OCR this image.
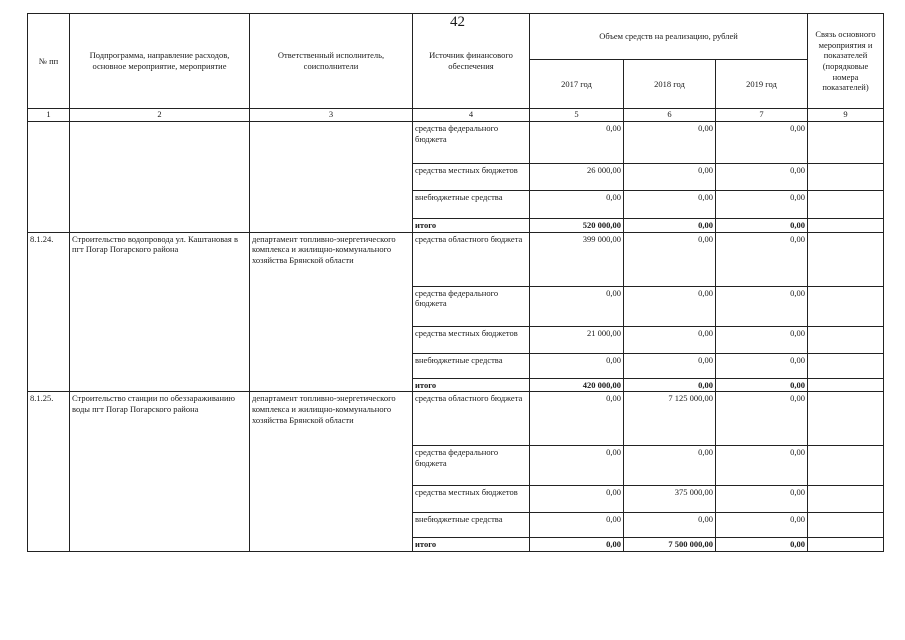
42
№ пп	Подпрограмма, направление расходов, основное мероприятие, мероприятие	Ответственный исполнитель, соисполнители	Источник финансового обеспечения	Объем средств на реализацию, рублей			Связь основного мероприятия и показателей (порядковые номера показателей)
				2017 год	2018 год	2019 год	
1	2	3	4	5	6	7	9
			средства федерального бюджета	0,00	0,00	0,00	
			средства местных бюджетов	26 000,00	0,00	0,00	
			внебюджетные средства	0,00	0,00	0,00	
			итого	520 000,00	0,00	0,00	
8.1.24.	Строительство водопровода ул. Каштановая в пгт Погар Погарского района	департамент топливно-энергетического комплекса и жилищно-коммунального хозяйства Брянской области	средства областного бюджета	399 000,00	0,00	0,00	
			средства федерального бюджета	0,00	0,00	0,00	
			средства местных бюджетов	21 000,00	0,00	0,00	
			внебюджетные средства	0,00	0,00	0,00	
			итого	420 000,00	0,00	0,00	
8.1.25.	Строительство станции по обеззараживанию воды пгт Погар Погарского района	департамент топливно-энергетического комплекса и жилищно-коммунального хозяйства Брянской области	средства областного бюджета	0,00	7 125 000,00	0,00	
			средства федерального бюджета	0,00	0,00	0,00	
			средства местных бюджетов	0,00	375 000,00	0,00	
			внебюджетные средства	0,00	0,00	0,00	
			итого	0,00	7 500 000,00	0,00	
